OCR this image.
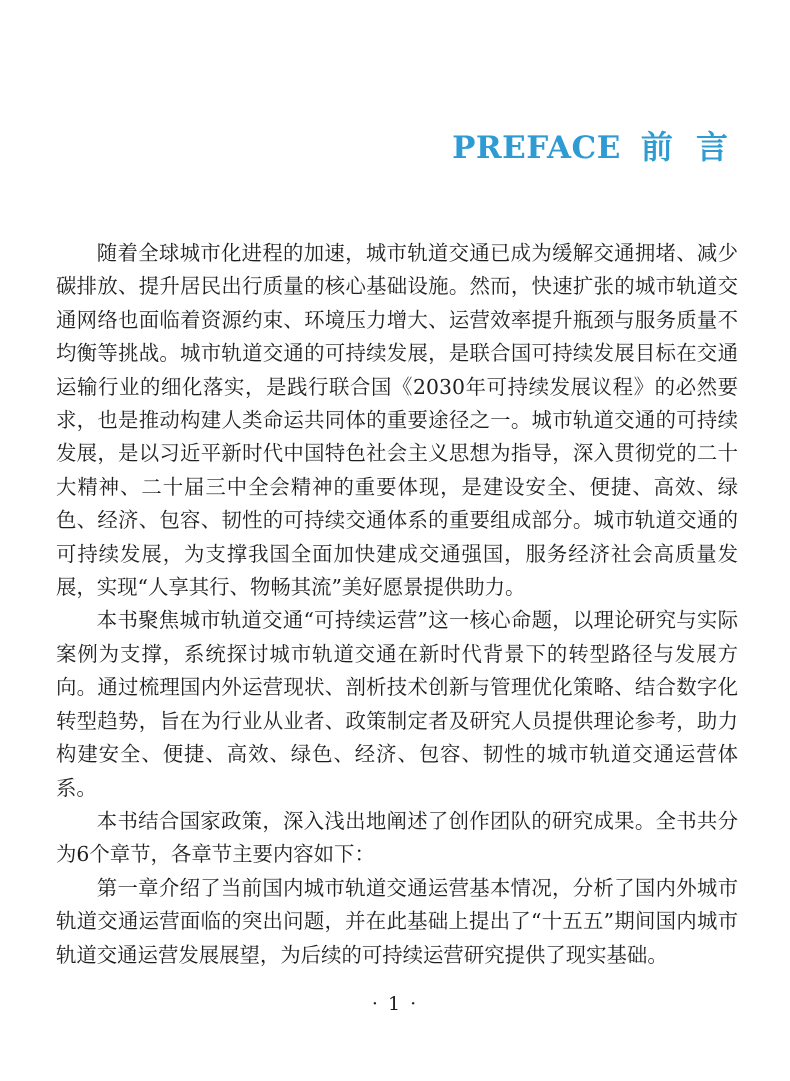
PREFACE 前 言

随着全球城市化进程的加速，城市轨道交通已成为缓解交通拥堵、减少碳排放、提升居民出行质量的核心基础设施。然而，快速扩张的城市轨道交通网络也面临着资源约束、环境压力增大、运营效率提升瓶颈与服务质量不均衡等挑战。城市轨道交通的可持续发展，是联合国可持续发展目标在交通运输行业的细化落实，是践行联合国《2030年可持续发展议程》的必然要求，也是推动构建人类命运共同体的重要途径之一。城市轨道交通的可持续发展，是以习近平新时代中国特色社会主义思想为指导，深入贯彻党的二十大精神、二十届三中全会精神的重要体现，是建设安全、便捷、高效、绿色、经济、包容、韧性的可持续交通体系的重要组成部分。城市轨道交通的可持续发展，为支撑我国全面加快建成交通强国，服务经济社会高质量发展，实现“人享其行、物畅其流”美好愿景提供助力。

本书聚焦城市轨道交通“可持续运营”这一核心命题，以理论研究与实际案例为支撑，系统探讨城市轨道交通在新时代背景下的转型路径与发展方向。通过梳理国内外运营现状、剖析技术创新与管理优化策略、结合数字化转型趋势，旨在为行业从业者、政策制定者及研究人员提供理论参考，助力构建安全、便捷、高效、绿色、经济、包容、韧性的城市轨道交通运营体系。

本书结合国家政策，深入浅出地阐述了创作团队的研究成果。全书共分为6个章节，各章节主要内容如下：

第一章介绍了当前国内城市轨道交通运营基本情况，分析了国内外城市轨道交通运营面临的突出问题，并在此基础上提出了“十五五”期间国内城市轨道交通运营发展展望，为后续的可持续运营研究提供了现实基础。

· 1 ·
